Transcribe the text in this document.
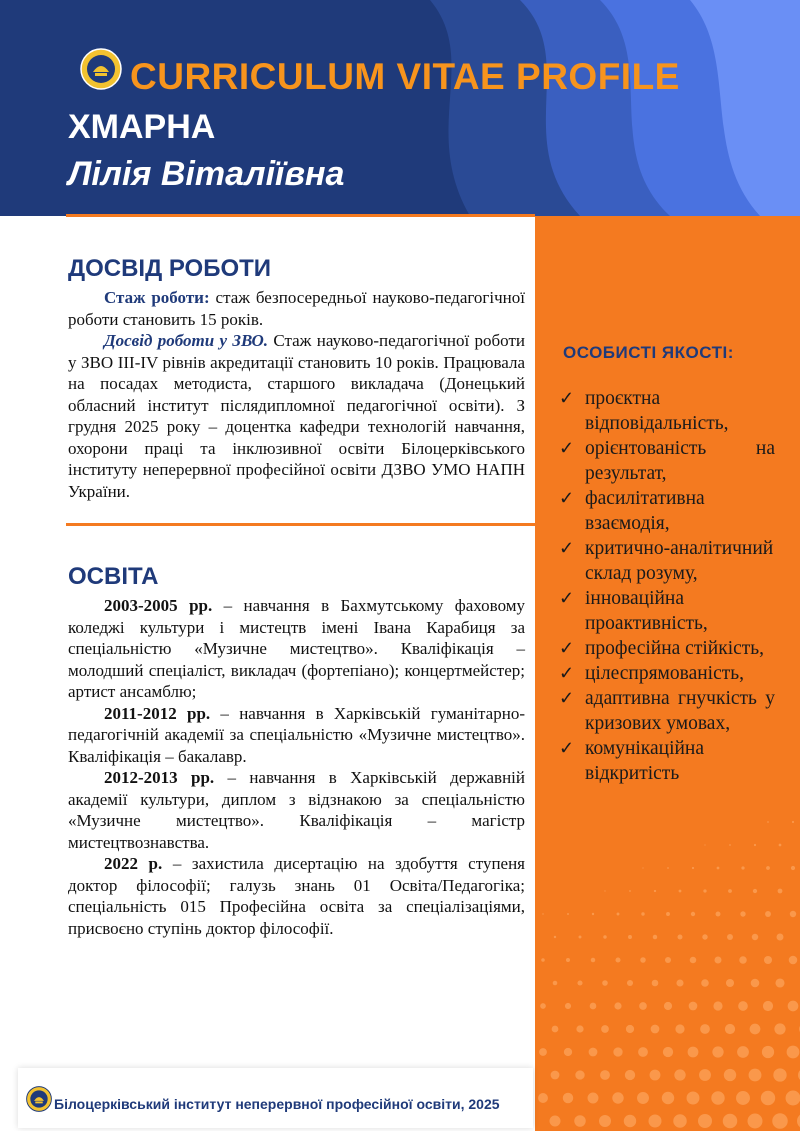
CURRICULUM VITAE PROFILE
ХМАРНА
Лілія Віталіївна
ОСОБИСТІ ЯКОСТІ:
✓ проєктна відповідальність,
✓ орієнтованість на результат,
✓ фасилітативна взаємодія,
✓ критично-аналітичний склад розуму,
✓ інноваційна проактивність,
✓ професійна стійкість,
✓ цілеспрямованість,
✓ адаптивна гнучкість у кризових умовах,
✓ комунікаційна відкритість
ДОСВІД РОБОТИ

Стаж роботи: стаж безпосередньої науково-педагогічної роботи становить 15 років.

Досвід роботи у ЗВО. Стаж науково-педагогічної роботи у ЗВО ІІІ-ІV рівнів акредитації становить 10 років. Працювала на посадах методиста, старшого викладача (Донецький обласний інститут післядипломної педагогічної освіти). З грудня 2025 року – доцентка кафедри технологій навчання, охорони праці та інклюзивної освіти Білоцерківського інституту неперервної професійної освіти ДЗВО УМО НАПН України.

ОСВІТА

2003-2005 рр. – навчання в Бахмутському фаховому коледжі культури і мистецтв імені Івана Карабиця за спеціальністю «Музичне мистецтво». Кваліфікація – молодший спеціаліст, викладач (фортепіано); концертмейстер; артист ансамблю;

2011-2012 рр. – навчання в Харківській гуманітарно-педагогічній академії за спеціальністю «Музичне мистецтво». Кваліфікація – бакалавр.

2012-2013 рр. – навчання в Харківській державній академії культури, диплом з відзнакою за спеціальністю «Музичне мистецтво». Кваліфікація – магістр мистецтвознавства.

2022 р. – захистила дисертацію на здобуття ступеня доктор філософії; галузь знань 01 Освіта/Педагогіка; спеціальність 015 Професійна освіта за спеціалізаціями, присвоєно ступінь доктор філософії.

Білоцерківський інститут неперервної професійної освіти, 2025
